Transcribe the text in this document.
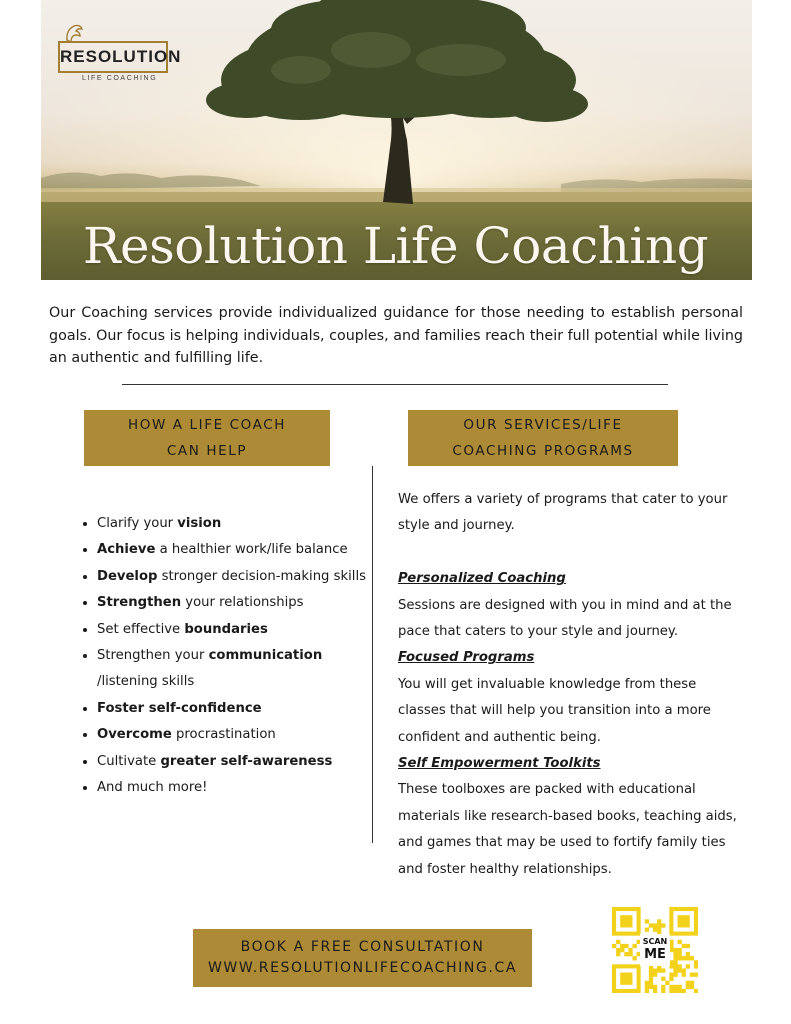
RESOLUTION
LIFE COACHING
Resolution Life Coaching
Our Coaching services provide individualized guidance for those needing to establish personal goals. Our focus is helping individuals, couples, and families reach their full potential while living an authentic and fulfilling life.
HOW A LIFE COACH
CAN HELP
OUR SERVICES/LIFE
COACHING PROGRAMS
• Clarify your vision
• Achieve a healthier work/life balance
• Develop stronger decision-making skills
• Strengthen your relationships
• Set effective boundaries
• Strengthen your communication /listening skills
• Foster self-confidence
• Overcome procrastination
• Cultivate greater self-awareness
• And much more!

We offers a variety of programs that cater to your style and journey.

Personalized Coaching

Sessions are designed with you in mind and at the pace that caters to your style and journey.

Focused Programs

You will get invaluable knowledge from these classes that will help you transition into a more confident and authentic being.

Self Empowerment Toolkits

These toolboxes are packed with educational materials like research-based books, teaching aids, and games that may be used to fortify family ties and foster healthy relationships.

BOOK A FREE CONSULTATION
WWW.RESOLUTIONLIFECOACHING.CA
SCAN
ME
